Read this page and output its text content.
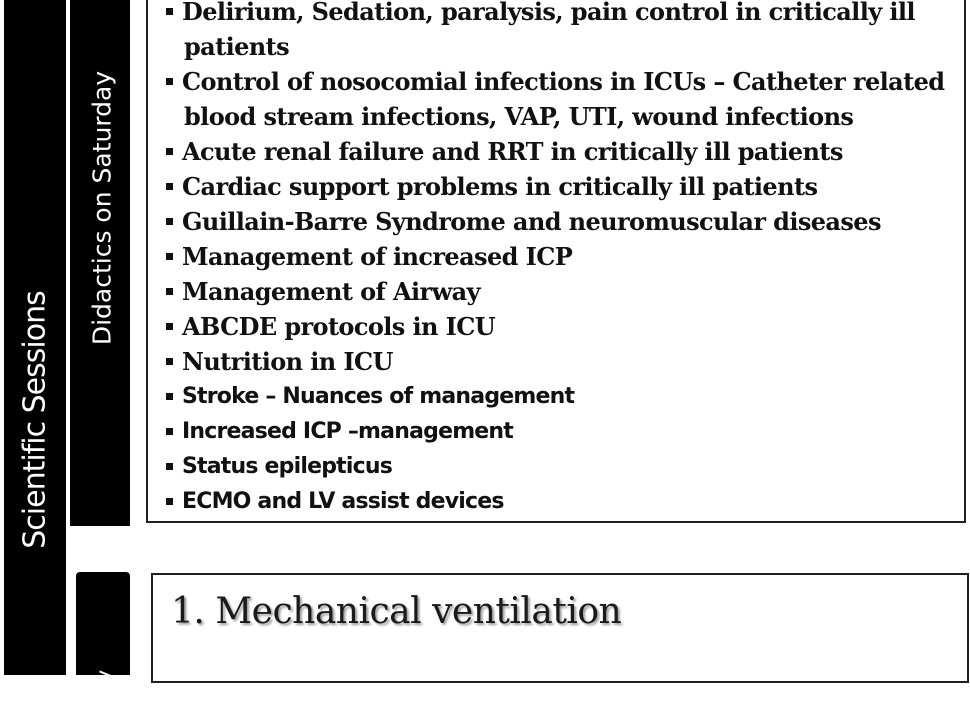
Scientific Sessions
Didactics on Saturday
Delirium, Sedation, paralysis, pain control in critically ill
patients
Control of nosocomial infections in ICUs – Catheter related
blood stream infections, VAP, UTI, wound infections
Acute renal failure and RRT in critically ill patients
Cardiac support problems in critically ill patients
Guillain-Barre Syndrome and neuromuscular diseases
Management of increased ICP
Management of Airway
ABCDE protocols in ICU
Nutrition in ICU
Stroke – Nuances of management
Increased ICP –management
Status epilepticus
ECMO and LV assist devices
day
1. Mechanical ventilation
